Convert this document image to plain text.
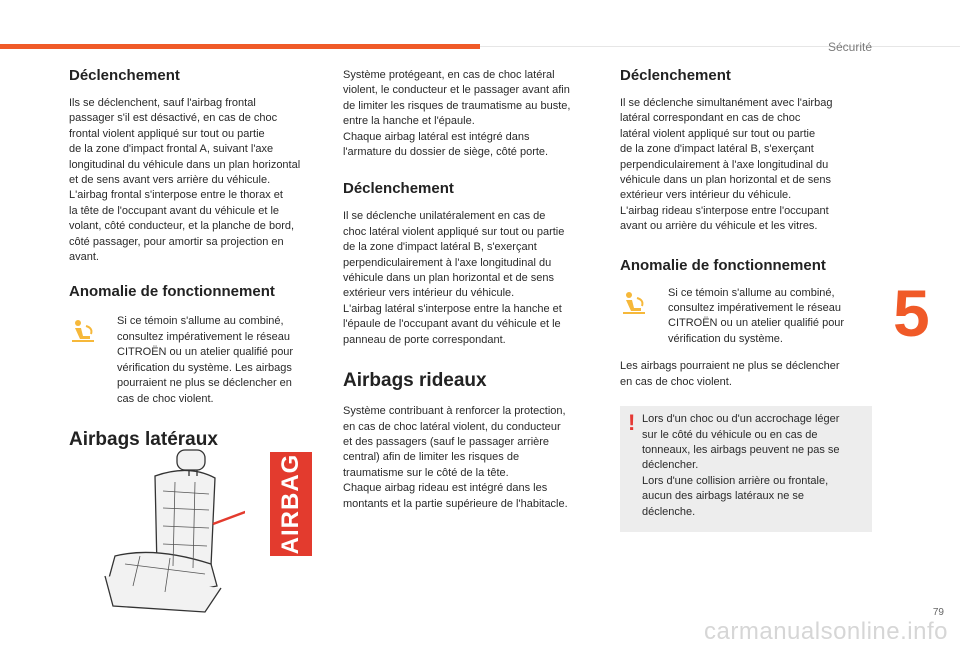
Sécurité
5
Déclenchement
Ils se déclenchent, sauf l'airbag frontal
passager s'il est désactivé, en cas de choc
frontal violent appliqué sur tout ou partie
de la zone d'impact frontal A, suivant l'axe
longitudinal du véhicule dans un plan horizontal
et de sens avant vers arrière du véhicule.
L'airbag frontal s'interpose entre le thorax et
la tête de l'occupant avant du véhicule et le
volant, côté conducteur, et la planche de bord,
côté passager, pour amortir sa projection en
avant.
Anomalie de fonctionnement
Si ce témoin s'allume au combiné,
consultez impérativement le réseau
CITROËN ou un atelier qualifié pour
vérification du système. Les airbags
pourraient ne plus se déclencher en
cas de choc violent.
Airbags latéraux
AIRBAG
Système protégeant, en cas de choc latéral
violent, le conducteur et le passager avant afin
de limiter les risques de traumatisme au buste,
entre la hanche et l'épaule.
Chaque airbag latéral est intégré dans
l'armature du dossier de siège, côté porte.
Déclenchement
Il se déclenche unilatéralement en cas de
choc latéral violent appliqué sur tout ou partie
de la zone d'impact latéral B, s'exerçant
perpendiculairement à l'axe longitudinal du
véhicule dans un plan horizontal et de sens
extérieur vers intérieur du véhicule.
L'airbag latéral s'interpose entre la hanche et
l'épaule de l'occupant avant du véhicule et le
panneau de porte correspondant.
Airbags rideaux
Système contribuant à renforcer la protection,
en cas de choc latéral violent, du conducteur
et des passagers (sauf le passager arrière
central) afin de limiter les risques de
traumatisme sur le côté de la tête.
Chaque airbag rideau est intégré dans les
montants et la partie supérieure de l'habitacle.
Déclenchement
Il se déclenche simultanément avec l'airbag
latéral correspondant en cas de choc
latéral violent appliqué sur tout ou partie
de la zone d'impact latéral B, s'exerçant
perpendiculairement à l'axe longitudinal du
véhicule dans un plan horizontal et de sens
extérieur vers intérieur du véhicule.
L'airbag rideau s'interpose entre l'occupant
avant ou arrière du véhicule et les vitres.
Anomalie de fonctionnement
Si ce témoin s'allume au combiné,
consultez impérativement le réseau
CITROËN ou un atelier qualifié pour
vérification du système.
Les airbags pourraient ne plus se déclencher
en cas de choc violent.
! Lors d'un choc ou d'un accrochage léger
sur le côté du véhicule ou en cas de
tonneaux, les airbags peuvent ne pas se
déclencher.
Lors d'une collision arrière ou frontale,
aucun des airbags latéraux ne se
déclenche.
79
carmanualsonline.info
